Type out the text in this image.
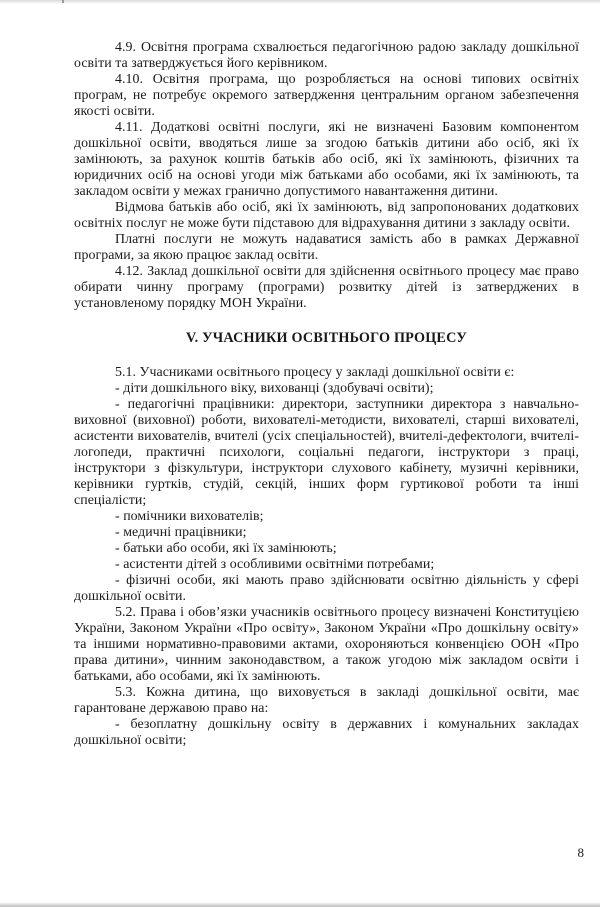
4.9. Освітня програма схвалюється педагогічною радою закладу дошкільної освіти та затверджується його керівником.

4.10. Освітня програма, що розробляється на основі типових освітніх програм, не потребує окремого затвердження центральним органом забезпечення якості освіти.

4.11. Додаткові освітні послуги, які не визначені Базовим компонентом дошкільної освіти, вводяться лише за згодою батьків дитини або осіб, які їх замінюють, за рахунок коштів батьків або осіб, які їх замінюють, фізичних та юридичних осіб на основі угоди між батьками або особами, які їх замінюють, та закладом освіти у межах гранично допустимого навантаження дитини.

Відмова батьків або осіб, які їх замінюють, від запропонованих додаткових освітніх послуг не може бути підставою для відрахування дитини з закладу освіти.

Платні послуги не можуть надаватися замість або в рамках Державної програми, за якою працює заклад освіти.

4.12. Заклад дошкільної освіти для здійснення освітнього процесу має право обирати чинну програму (програми) розвитку дітей із затверджених в установленому порядку МОН України.

V. УЧАСНИКИ ОСВІТНЬОГО ПРОЦЕСУ

5.1. Учасниками освітнього процесу у закладі дошкільної освіти є:

- діти дошкільного віку, вихованці (здобувачі освіти);

- педагогічні працівники: директори, заступники директора з навчально-виховної (виховної) роботи, вихователі-методисти, вихователі, старші вихователі, асистенти вихователів, вчителі (усіх спеціальностей), вчителі-дефектологи, вчителі-логопеди, практичні психологи, соціальні педагоги, інструктори з праці, інструктори з фізкультури, інструктори слухового кабінету, музичні керівники, керівники гуртків, студій, секцій, інших форм гуртикової роботи та інші спеціалісти;

- помічники вихователів;

- медичні працівники;

- батьки або особи, які їх замінюють;

- асистенти дітей з особливими освітніми потребами;

- фізичні особи, які мають право здійснювати освітню діяльність у сфері дошкільної освіти.

5.2. Права і обов’язки учасників освітнього процесу визначені Конституцією України, Законом України «Про освіту», Законом України «Про дошкільну освіту» та іншими нормативно-правовими актами, охороняються конвенцією ООН «Про права дитини», чинним законодавством, а також угодою між закладом освіти і батьками, або особами, які їх замінюють.

5.3. Кожна дитина, що виховується в закладі дошкільної освіти, має гарантоване державою право на:

- безоплатну дошкільну освіту в державних і комунальних закладах дошкільної освіти;

8
